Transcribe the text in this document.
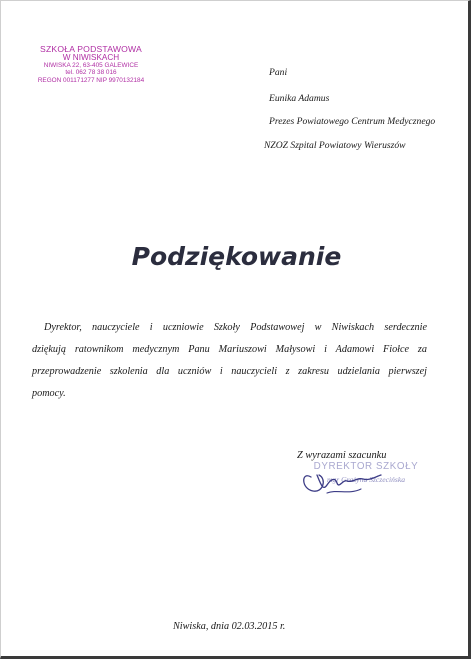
SZKOŁA PODSTAWOWA
W NIWISKACH
NIWISKA 22, 63-405 GALEWICE
tel. 062 78 38 016
REGON 001171277 NIP 9970132184
Pani
Eunika Adamus
Prezes Powiatowego Centrum Medycznego
NZOZ Szpital Powiatowy Wieruszów
Podziękowanie
Dyrektor, nauczyciele i uczniowie Szkoły Podstawowej w Niwiskach serdecznie
dziękują ratownikom medycznym Panu Mariuszowi Małysowi i Adamowi Fiołce za
przeprowadzenie szkolenia dla uczniów i nauczycieli z zakresu udzielania pierwszej
pomocy.
Z wyrazami szacunku
DYREKTOR SZKOŁY
mgr Grażyna Szczecińska
Niwiska, dnia 02.03.2015 r.
